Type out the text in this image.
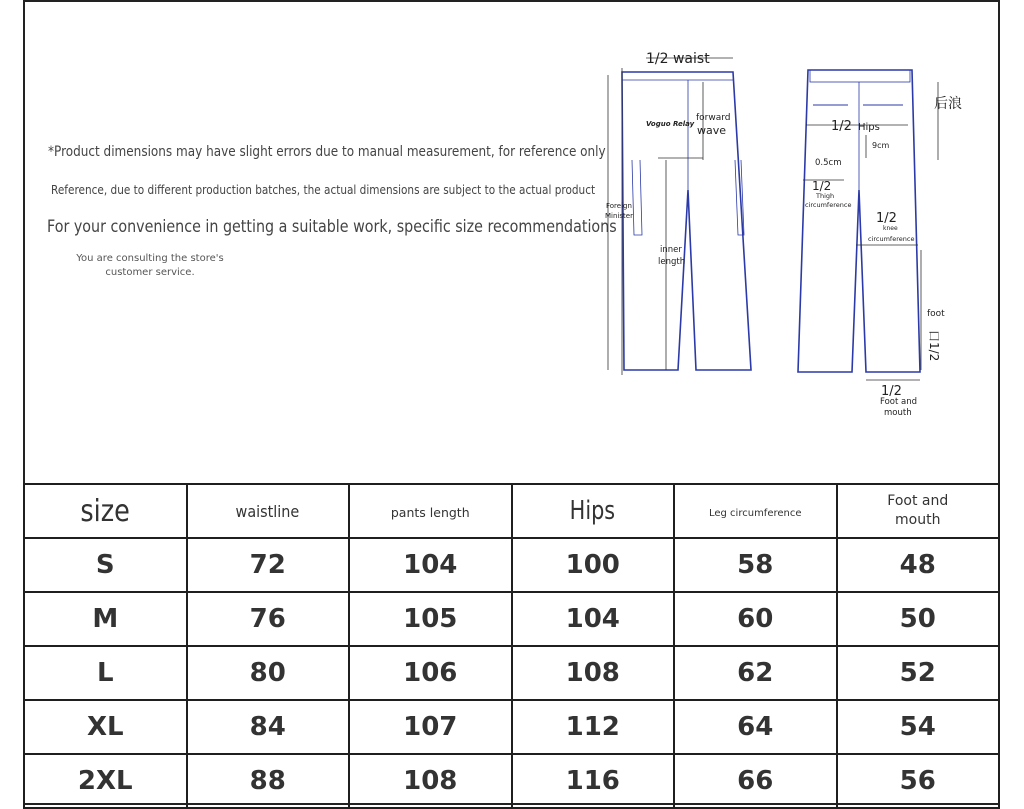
*Product dimensions may have slight errors due to manual measurement, for reference only
Reference, due to different production batches, the actual dimensions are subject to the actual product
For your convenience in getting a suitable work, specific size recommendations
You are consulting the store's customer service.
1/2 waist
Voguo Relay
forward
wave	1/2 Hips
后浪
9cm
0.5cm
1/2
Thigh
circumference
1/2
knee
circumference
Foreign
Minister
inner
length
foot
口1/2
1/2
Foot and
mouth
size	waistline	pants length	Hips	Leg circumference	Foot and mouth
S	72	104	100	58	48
M	76	105	104	60	50
L	80	106	108	62	52
XL	84	107	112	64	54
2XL	88	108	116	66	56
